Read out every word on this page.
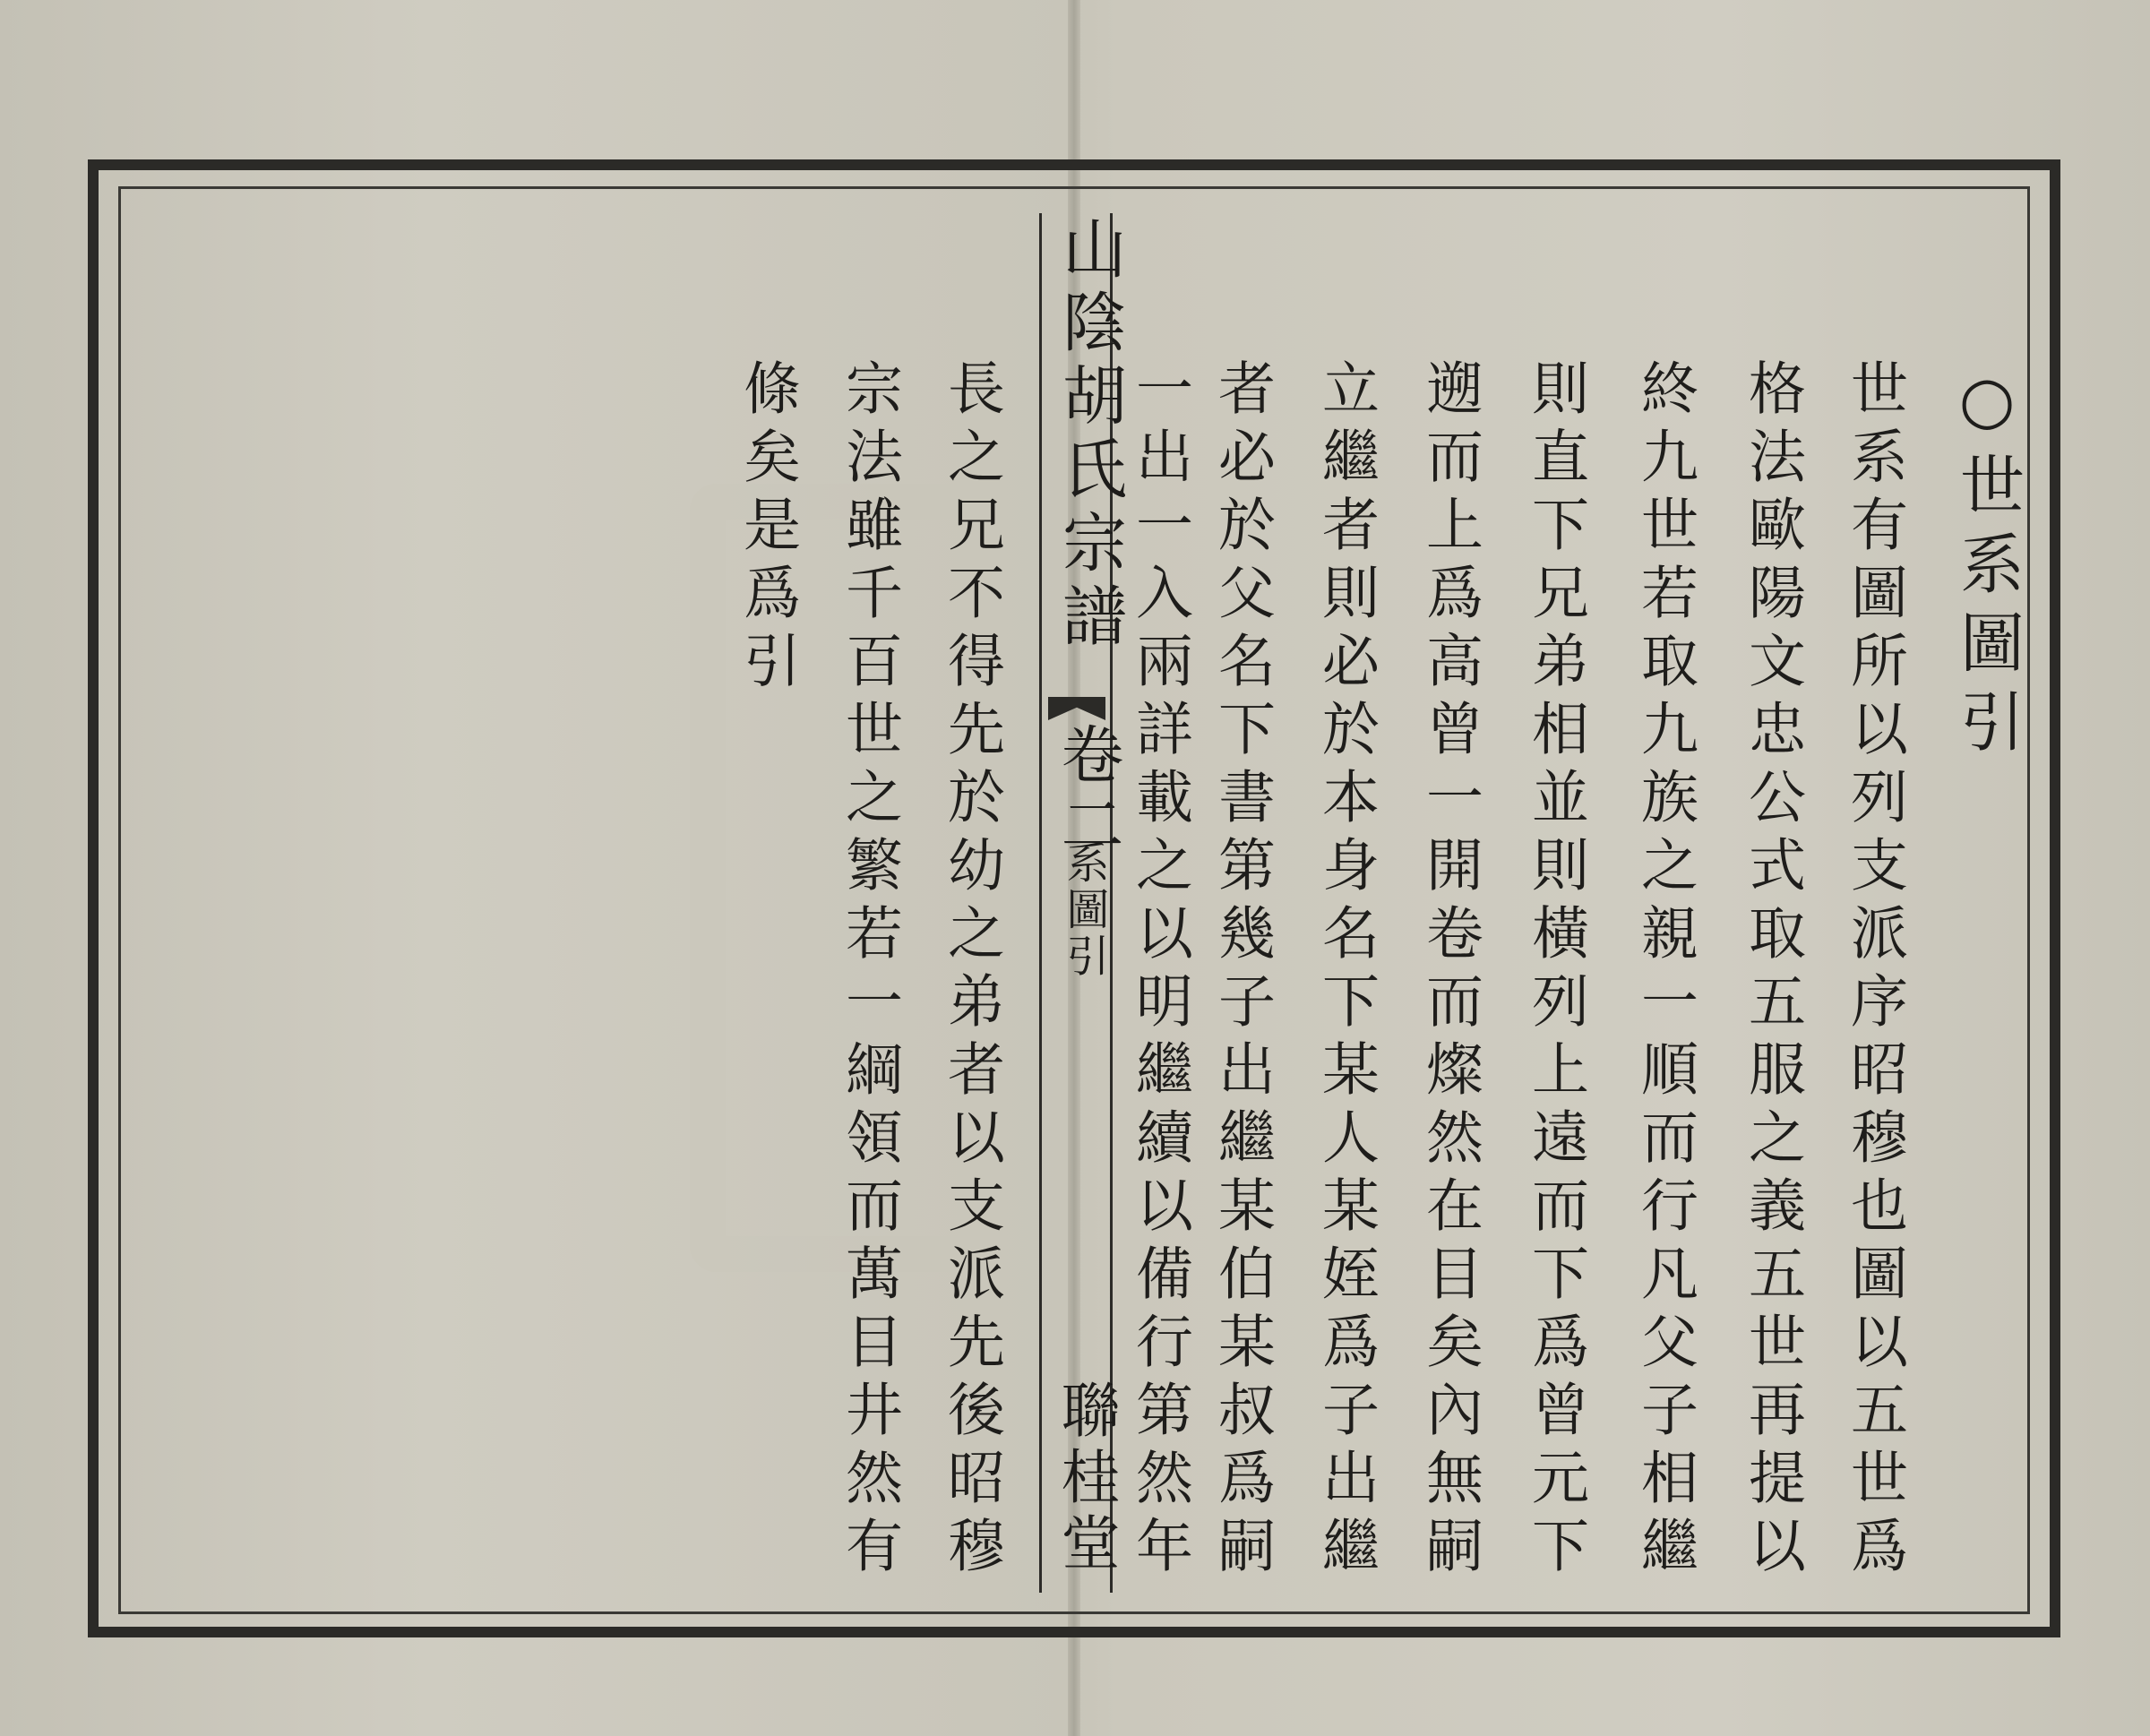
山陰胡氏宗譜
卷二
系圖引
聯桂堂
○世系圖引
世系有圖所以列支派序昭穆也圖以五世爲
格法歐陽文忠公式取五服之義五世再提以
終九世若取九族之親一順而行凡父子相繼
則直下兄弟相並則橫列上遠而下爲曾元下
遡而上爲高曾一開卷而燦然在目矣內無嗣
立繼者則必於本身名下某人某姪爲子出繼
者必於父名下書第幾子出繼某伯某叔爲嗣
一出一入兩詳載之以明繼續以備行第然年
長之兄不得先於幼之弟者以支派先後昭穆
宗法雖千百世之繁若一綱領而萬目井然有
條矣是爲引
